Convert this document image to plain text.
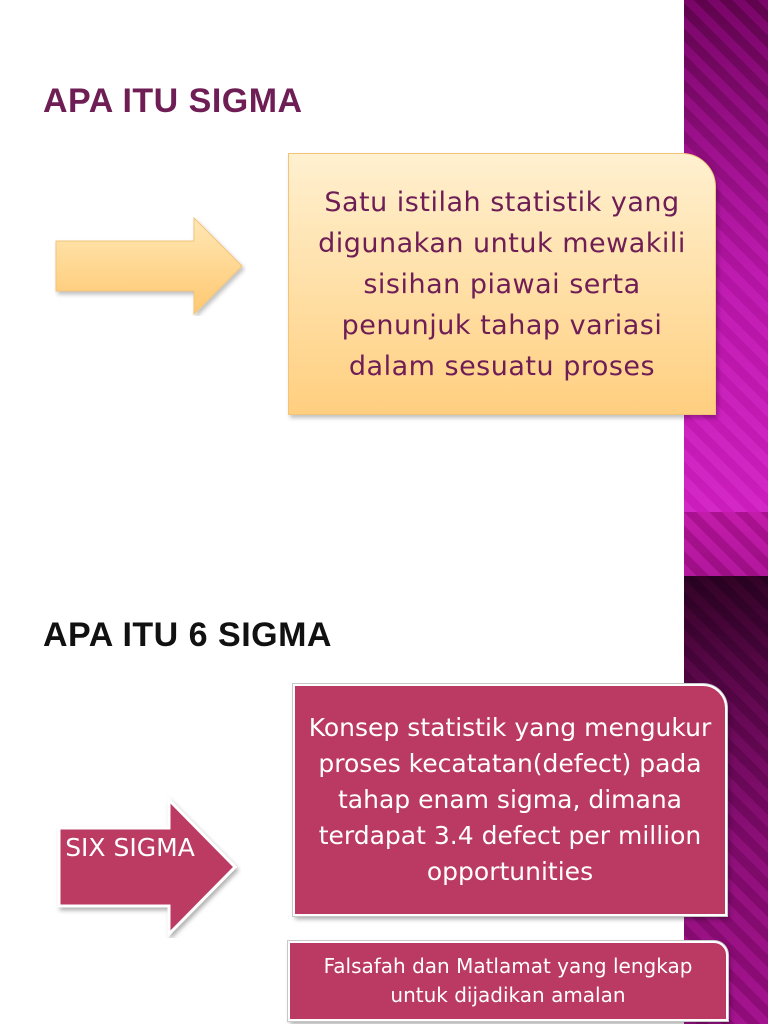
APA ITU SIGMA
Satu istilah statistik yang digunakan untuk mewakili sisihan piawai serta penunjuk tahap variasi dalam sesuatu proses
APA ITU 6 SIGMA
SIX SIGMA
Konsep statistik yang mengukur proses kecatatan(defect) pada tahap enam sigma, dimana terdapat 3.4 defect per million opportunities
Falsafah dan Matlamat yang lengkap untuk dijadikan amalan
